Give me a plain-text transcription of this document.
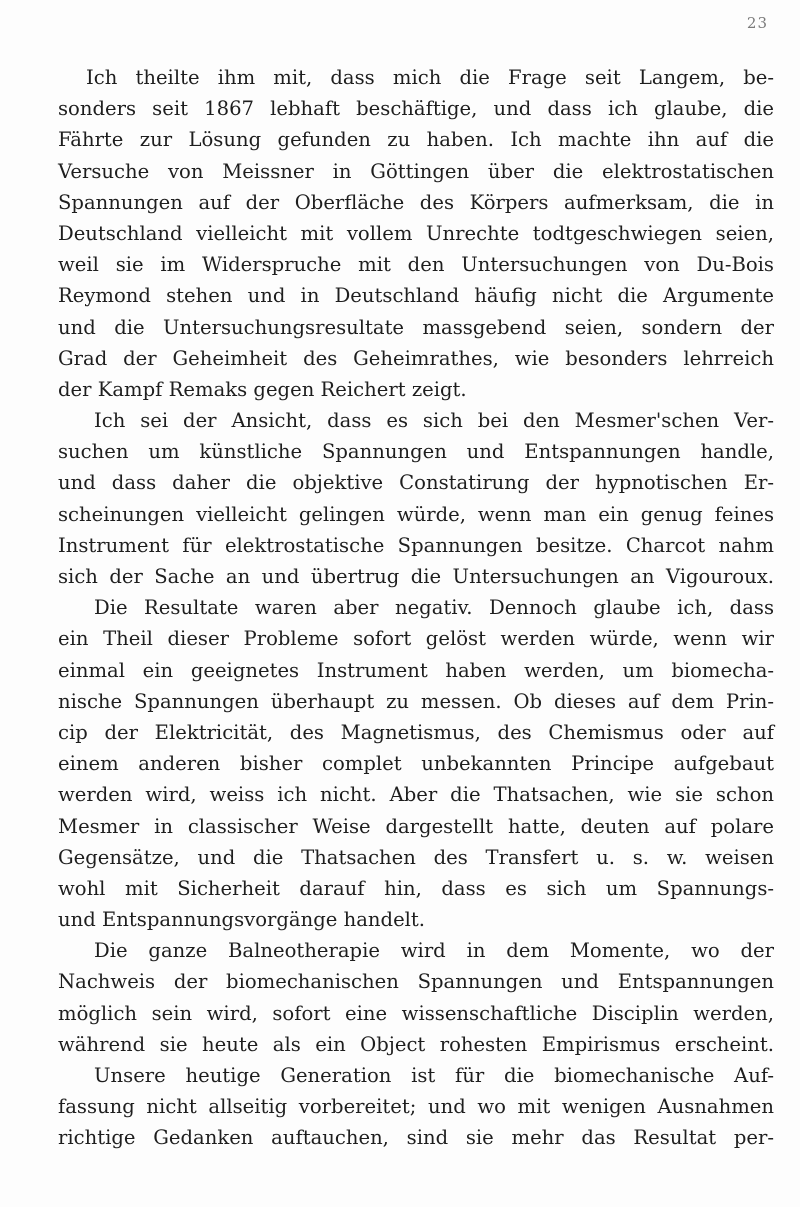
23
Ich theilte ihm mit, dass mich die Frage seit Langem, be-
sonders seit 1867 lebhaft beschäftige, und dass ich glaube, die
Fährte zur Lösung gefunden zu haben. Ich machte ihn auf die
Versuche von Meissner in Göttingen über die elektrostatischen
Spannungen auf der Oberfläche des Körpers aufmerksam, die in
Deutschland vielleicht mit vollem Unrechte todtgeschwiegen seien,
weil sie im Widerspruche mit den Untersuchungen von Du-Bois
Reymond stehen und in Deutschland häufig nicht die Argumente
und die Untersuchungsresultate massgebend seien, sondern der
Grad der Geheimheit des Geheimrathes, wie besonders lehrreich
der Kampf Remaks gegen Reichert zeigt.
Ich sei der Ansicht, dass es sich bei den Mesmer'schen Ver-
suchen um künstliche Spannungen und Entspannungen handle,
und dass daher die objektive Constatirung der hypnotischen Er-
scheinungen vielleicht gelingen würde, wenn man ein genug feines
Instrument für elektrostatische Spannungen besitze. Charcot nahm
sich der Sache an und übertrug die Untersuchungen an Vigouroux.
Die Resultate waren aber negativ. Dennoch glaube ich, dass
ein Theil dieser Probleme sofort gelöst werden würde, wenn wir
einmal ein geeignetes Instrument haben werden, um biomecha-
nische Spannungen überhaupt zu messen. Ob dieses auf dem Prin-
cip der Elektricität, des Magnetismus, des Chemismus oder auf
einem anderen bisher complet unbekannten Principe aufgebaut
werden wird, weiss ich nicht. Aber die Thatsachen, wie sie schon
Mesmer in classischer Weise dargestellt hatte, deuten auf polare
Gegensätze, und die Thatsachen des Transfert u. s. w. weisen
wohl mit Sicherheit darauf hin, dass es sich um Spannungs-
und Entspannungsvorgänge handelt.
Die ganze Balneotherapie wird in dem Momente, wo der
Nachweis der biomechanischen Spannungen und Entspannungen
möglich sein wird, sofort eine wissenschaftliche Disciplin werden,
während sie heute als ein Object rohesten Empirismus erscheint.
Unsere heutige Generation ist für die biomechanische Auf-
fassung nicht allseitig vorbereitet; und wo mit wenigen Ausnahmen
richtige Gedanken auftauchen, sind sie mehr das Resultat per-
